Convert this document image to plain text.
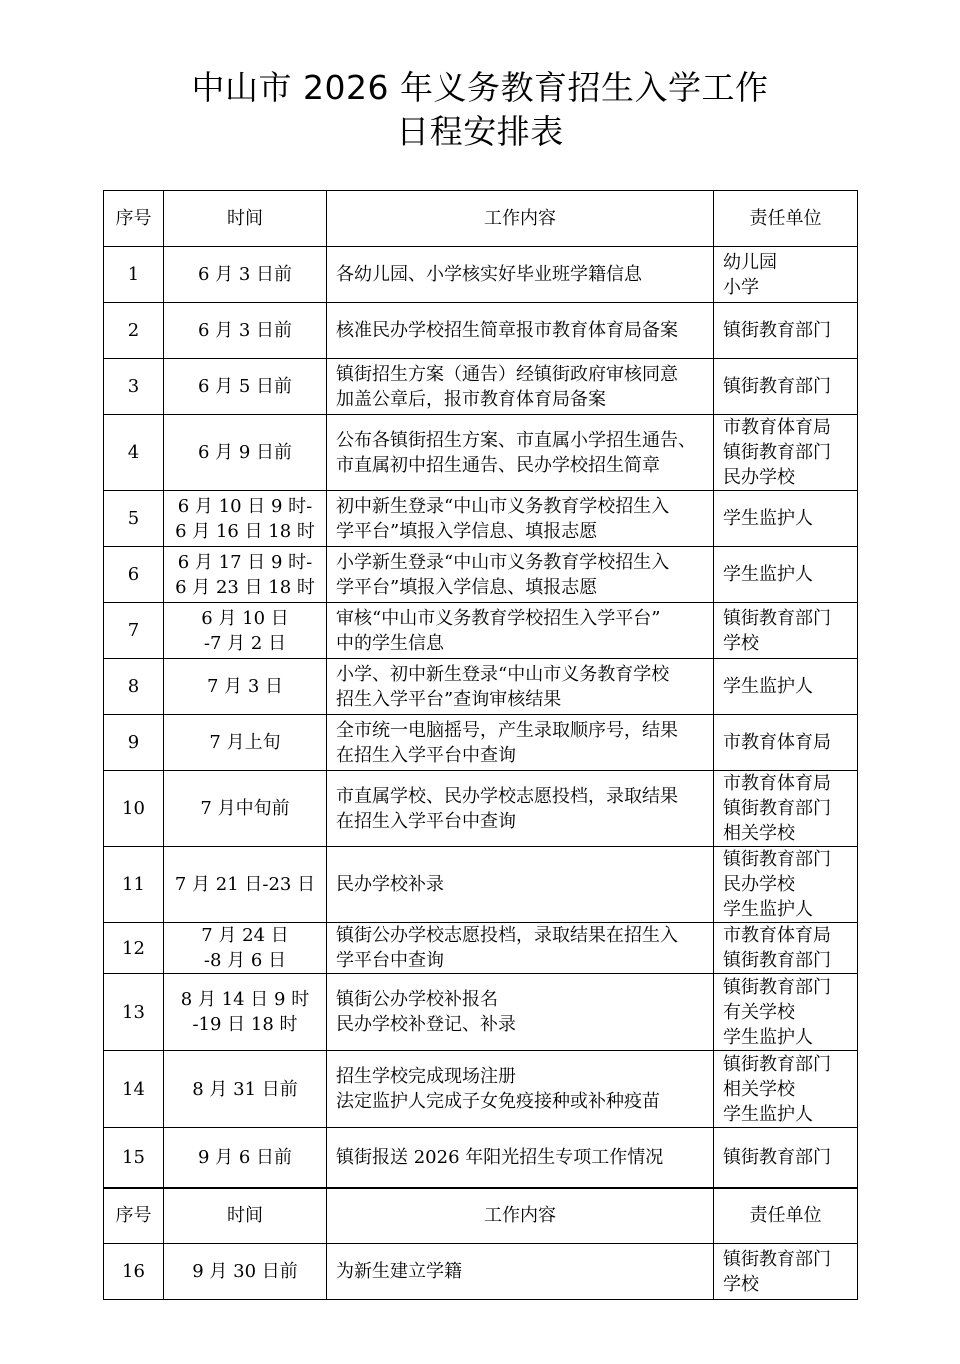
中山市 2026 年义务教育招生入学工作
日程安排表
序号	时间	工作内容	责任单位
1	6 月 3 日前	各幼儿园、小学核实好毕业班学籍信息	幼儿园
小学

2	6 月 3 日前	核准民办学校招生简章报市教育体育局备案	镇街教育部门

3	6 月 5 日前	镇街招生方案（通告）经镇街政府审核同意
加盖公章后，报市教育体育局备案	镇街教育部门

4	6 月 9 日前	公布各镇街招生方案、市直属小学招生通告、
市直属初中招生通告、民办学校招生简章	市教育体育局
镇街教育部门
民办学校

5	6 月 10 日 9 时-
6 月 16 日 18 时	初中新生登录“中山市义务教育学校招生入
学平台”填报入学信息、填报志愿	学生监护人

6	6 月 17 日 9 时-
6 月 23 日 18 时	小学新生登录“中山市义务教育学校招生入
学平台”填报入学信息、填报志愿	学生监护人

7	6 月 10 日
-7 月 2 日	审核“中山市义务教育学校招生入学平台”
中的学生信息	镇街教育部门
学校

8	7 月 3 日	小学、初中新生登录“中山市义务教育学校
招生入学平台”查询审核结果	学生监护人

9	7 月上旬	全市统一电脑摇号，产生录取顺序号，结果
在招生入学平台中查询	市教育体育局

10	7 月中旬前	市直属学校、民办学校志愿投档，录取结果
在招生入学平台中查询	市教育体育局
镇街教育部门
相关学校

11	7 月 21 日-23 日	民办学校补录	镇街教育部门
民办学校
学生监护人

12	7 月 24 日
-8 月 6 日	镇街公办学校志愿投档，录取结果在招生入
学平台中查询	市教育体育局
镇街教育部门

13	8 月 14 日 9 时
-19 日 18 时	镇街公办学校补报名
民办学校补登记、补录	镇街教育部门
有关学校
学生监护人

14	8 月 31 日前	招生学校完成现场注册
法定监护人完成子女免疫接种或补种疫苗	镇街教育部门
相关学校
学生监护人

15	9 月 6 日前	镇街报送 2026 年阳光招生专项工作情况	镇街教育部门

序号	时间	工作内容	责任单位
16	9 月 30 日前	为新生建立学籍	镇街教育部门
学校
